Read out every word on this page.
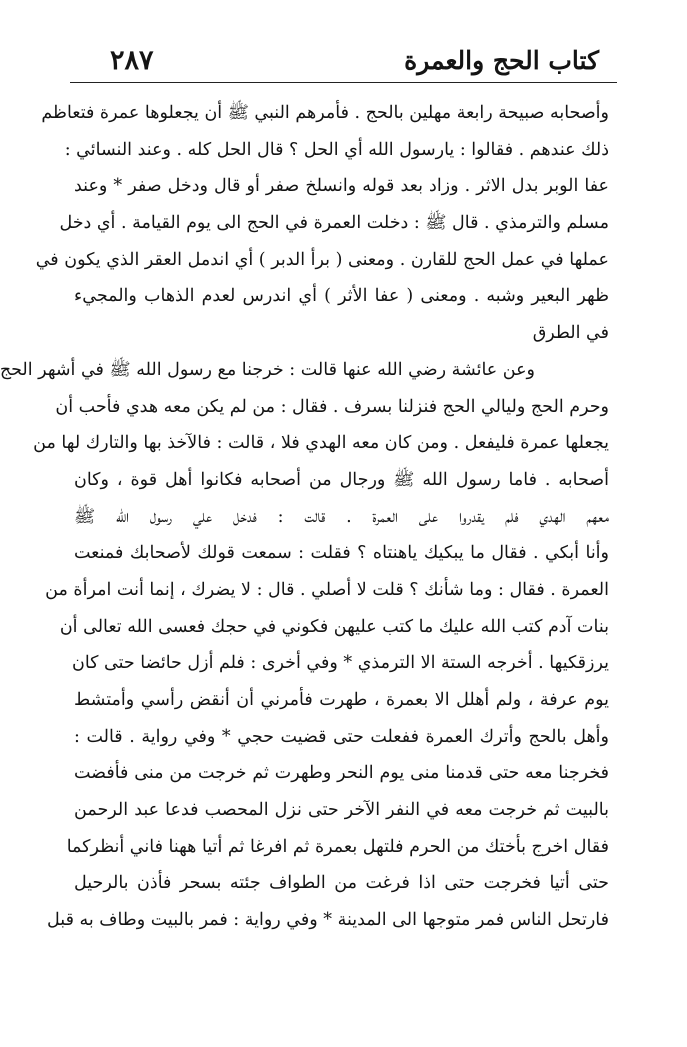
كتاب الحج والعمرة
٢٨٧
وأصحابه صبيحة رابعة مهلين بالحج . فأمرهم النبي ﷺ أن يجعلوها عمرة فتعاظم
ذلك عندهم . فقالوا : يارسول الله أي الحل ؟ قال الحل كله . وعند النسائي :
عفا الوبر بدل الاثر . وزاد بعد قوله وانسلخ صفر أو قال ودخل صفر * وعند
مسلم والترمذي . قال ﷺ : دخلت العمرة في الحج الى يوم القيامة . أي دخل
عملها في عمل الحج للقارن . ومعنى ( برأ الدبر ) أي اندمل العقر الذي يكون في
ظهر البعير وشبه . ومعنى ( عفا الأثر ) أي اندرس لعدم الذهاب والمجيء
في الطرق
وعن عائشة رضي الله عنها قالت : خرجنا مع رسول الله ﷺ في أشهر الحج
وحرم الحج وليالي الحج فنزلنا بسرف . فقال : من لم يكن معه هدي فأحب أن
يجعلها عمرة فليفعل . ومن كان معه الهدي فلا ، قالت : فالآخذ بها والتارك لها من
أصحابه . فاما رسول الله ﷺ ورجال من أصحابه فكانوا أهل قوة ، وكان
معهم الهدي فلم يقدروا على العمرة . قالت : فدخل علي رسول الله ﷺ
وأنا أبكي . فقال ما يبكيك ياهنتاه ؟ فقلت : سمعت قولك لأصحابك فمنعت
العمرة . فقال : وما شأنك ؟ قلت لا أصلي . قال : لا يضرك ، إنما أنت امرأة من
بنات آدم كتب الله عليك ما كتب عليهن فكوني في حجك فعسى الله تعالى أن
يرزقكيها . أخرجه الستة الا الترمذي * وفي أخرى : فلم أزل حائضا حتى كان
يوم عرفة ، ولم أهلل الا بعمرة ، طهرت فأمرني أن أنقض رأسي وأمتشط
وأهل بالحج وأترك العمرة ففعلت حتى قضيت حجي * وفي رواية . قالت :
فخرجنا معه حتى قدمنا منى يوم النحر وطهرت ثم خرجت من منى فأفضت
بالبيت ثم خرجت معه في النفر الآخر حتى نزل المحصب فدعا عبد الرحمن
فقال اخرج بأختك من الحرم فلتهل بعمرة ثم افرغا ثم أتيا ههنا فاني أنظركما
حتى أتيا فخرجت حتى اذا فرغت من الطواف جئته بسحر فأذن بالرحيل
فارتحل الناس فمر متوجها الى المدينة * وفي رواية : فمر بالبيت وطاف به قبل
